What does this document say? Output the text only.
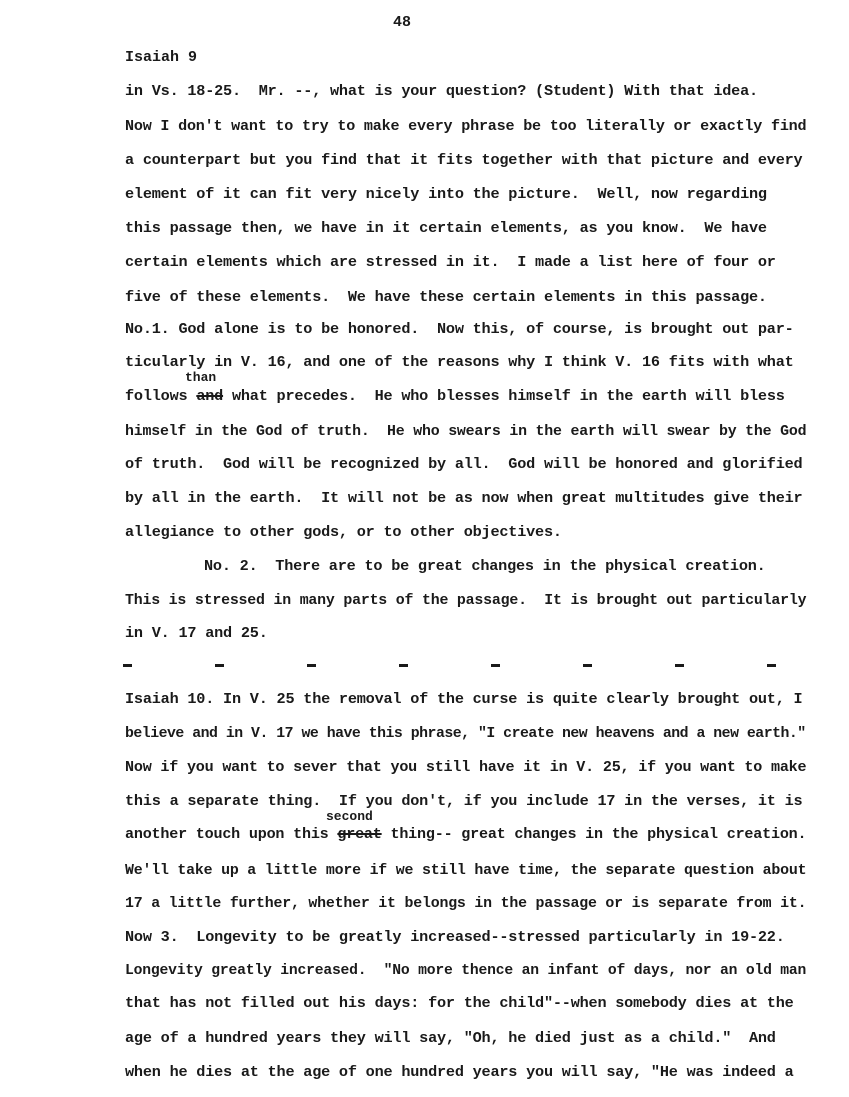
48
Isaiah 9
in Vs. 18-25.  Mr. --, what is your question? (Student) With that idea.
Now I don't want to try to make every phrase be too literally or exactly find
a counterpart but you find that it fits together with that picture and every
element of it can fit very nicely into the picture.  Well, now regarding
this passage then, we have in it certain elements, as you know.  We have
certain elements which are stressed in it.  I made a list here of four or
five of these elements.  We have these certain elements in this passage.
No.1. God alone is to be honored.  Now this, of course, is brought out par-
ticularly in V. 16, and one of the reasons why I think V. 16 fits with what
than
follows and what precedes.  He who blesses himself in the earth will bless
himself in the God of truth.  He who swears in the earth will swear by the God
of truth.  God will be recognized by all.  God will be honored and glorified
by all in the earth.  It will not be as now when great multitudes give their
allegiance to other gods, or to other objectives.
No. 2.  There are to be great changes in the physical creation.
This is stressed in many parts of the passage.  It is brought out particularly
in V. 17 and 25.
Isaiah 10. In V. 25 the removal of the curse is quite clearly brought out, I
believe and in V. 17 we have this phrase, "I create new heavens and a new earth."
Now if you want to sever that you still have it in V. 25, if you want to make
this a separate thing.  If you don't, if you include 17 in the verses, it is
second
another touch upon this great thing-- great changes in the physical creation.
We'll take up a little more if we still have time, the separate question about
17 a little further, whether it belongs in the passage or is separate from it.
Now 3.  Longevity to be greatly increased--stressed particularly in 19-22.
Longevity greatly increased.  "No more thence an infant of days, nor an old man
that has not filled out his days: for the child"--when somebody dies at the
age of a hundred years they will say, "Oh, he died just as a child."  And
when he dies at the age of one hundred years you will say, "He was indeed a
